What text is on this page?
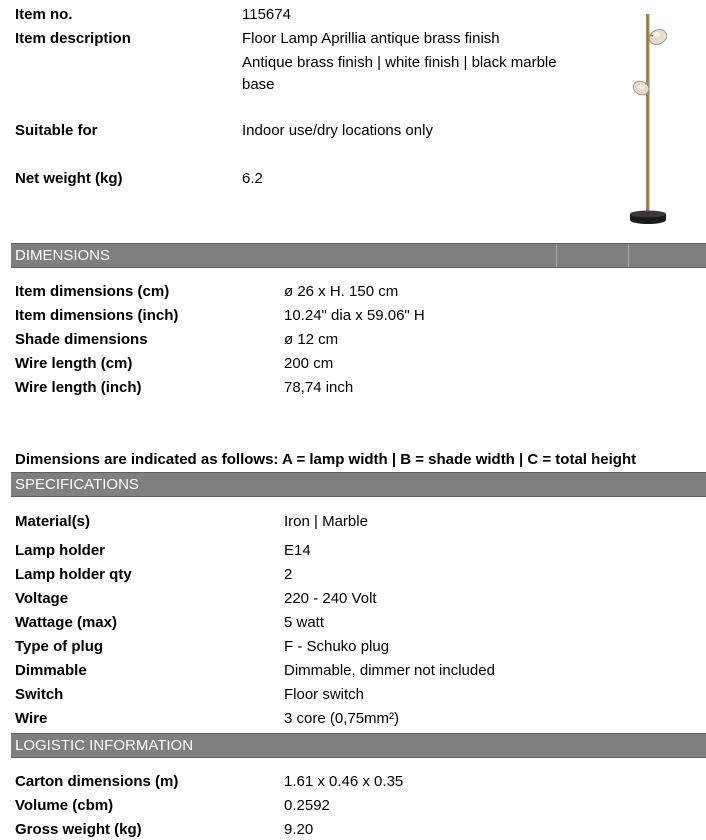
Item no.	115674
Item description	Floor Lamp Aprillia antique brass finish
Antique brass finish | white finish | black marble
base
Suitable for	Indoor use/dry locations only
Net weight (kg)	6.2
DIMENSIONS
Item dimensions (cm)	ø 26 x H. 150 cm
Item dimensions (inch)	10.24" dia x 59.06" H
Shade dimensions	ø 12 cm
Wire length (cm)	200 cm
Wire length (inch)	78,74 inch
Dimensions are indicated as follows: A = lamp width | B = shade width | C = total height
SPECIFICATIONS
Material(s)	Iron | Marble
Lamp holder	E14
Lamp holder qty	2
Voltage	220 - 240 Volt
Wattage (max)	5 watt
Type of plug	F - Schuko plug
Dimmable	Dimmable, dimmer not included
Switch	Floor switch
Wire	3 core (0,75mm²)
LOGISTIC INFORMATION
Carton dimensions (m)	1.61 x 0.46 x 0.35
Volume (cbm)	0.2592
Gross weight (kg)	9.20
